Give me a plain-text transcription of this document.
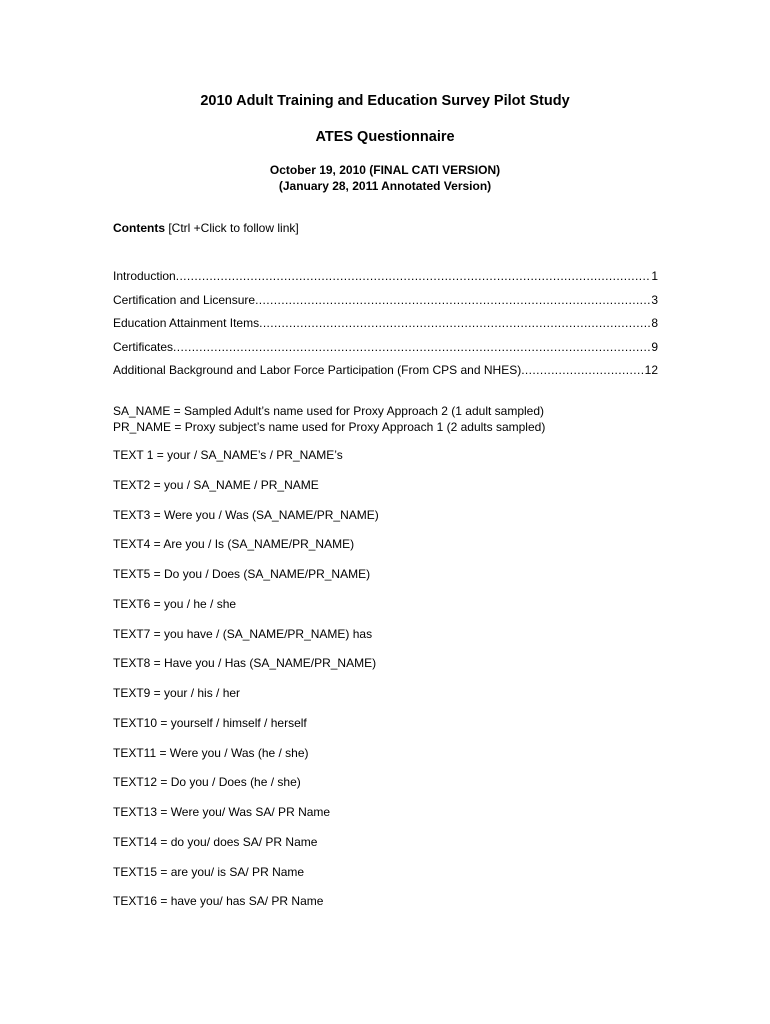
2010 Adult Training and Education Survey Pilot Study
ATES Questionnaire
October 19, 2010 (FINAL CATI VERSION)
(January 28, 2011 Annotated Version)
Contents [Ctrl +Click to follow link]
Introduction .....	1
Certification and Licensure .....	3
Education Attainment Items .....	8
Certificates .....	9
Additional Background and Labor Force Participation (From CPS and NHES) .....	12
SA_NAME = Sampled Adult’s name used for Proxy Approach 2 (1 adult sampled)
PR_NAME = Proxy subject’s name used for Proxy Approach 1 (2 adults sampled)
TEXT 1 = your / SA_NAME’s / PR_NAME’s
TEXT2 = you / SA_NAME / PR_NAME
TEXT3 = Were you / Was (SA_NAME/PR_NAME)
TEXT4 = Are you / Is (SA_NAME/PR_NAME)
TEXT5 = Do you / Does (SA_NAME/PR_NAME)
TEXT6 = you / he / she
TEXT7 = you have / (SA_NAME/PR_NAME) has
TEXT8 = Have you / Has (SA_NAME/PR_NAME)
TEXT9 = your / his / her
TEXT10 = yourself / himself / herself
TEXT11 = Were you / Was (he / she)
TEXT12 = Do you / Does (he / she)
TEXT13 = Were you/ Was SA/ PR Name
TEXT14 = do you/ does SA/ PR Name
TEXT15 = are you/ is SA/ PR Name
TEXT16 = have you/ has SA/ PR Name
